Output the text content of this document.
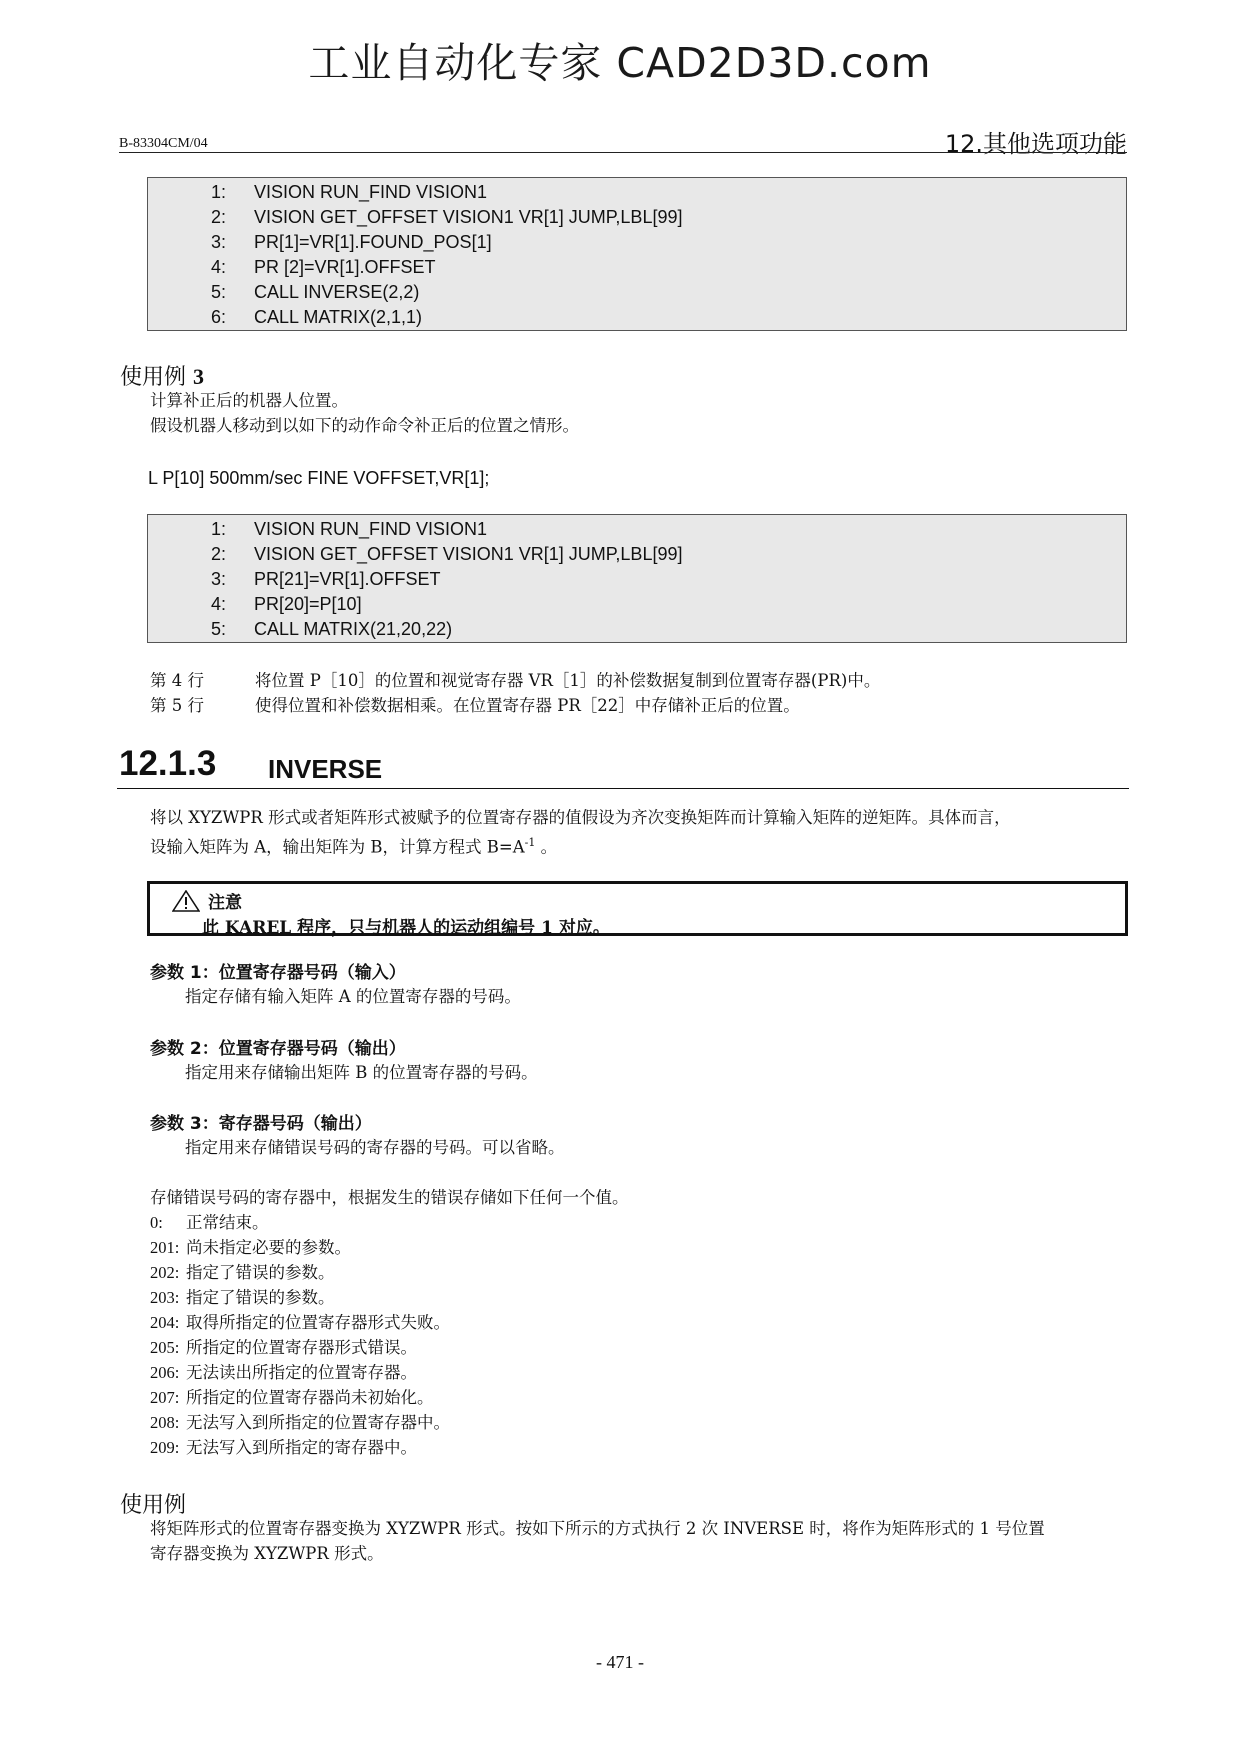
工业自动化专家 CAD2D3D.com
B-83304CM/04	12.其他选项功能
1:	VISION RUN_FIND VISION1
2:	VISION GET_OFFSET VISION1 VR[1] JUMP,LBL[99]
3:	PR[1]=VR[1].FOUND_POS[1]
4:	PR [2]=VR[1].OFFSET
5:	CALL INVERSE(2,2)
6:	CALL MATRIX(2,1,1)
使用例 3
计算补正后的机器人位置。
假设机器人移动到以如下的动作命令补正后的位置之情形。
L P[10] 500mm/sec FINE VOFFSET,VR[1];
1:	VISION RUN_FIND VISION1
2:	VISION GET_OFFSET VISION1 VR[1] JUMP,LBL[99]
3:	PR[21]=VR[1].OFFSET
4:	PR[20]=P[10]
5:	CALL MATRIX(21,20,22)
第 4 行	将位置 P［10］的位置和视觉寄存器 VR［1］的补偿数据复制到位置寄存器(PR)中。
第 5 行	使得位置和补偿数据相乘。在位置寄存器 PR［22］中存储补正后的位置。
12.1.3 INVERSE
将以 XYZWPR 形式或者矩阵形式被赋予的位置寄存器的值假设为齐次变换矩阵而计算输入矩阵的逆矩阵。具体而言，
设输入矩阵为 A，输出矩阵为 B，计算方程式 $B=A^{-1}$ 。
注意
此 KAREL 程序，只与机器人的运动组编号 1 对应。
参数 1：位置寄存器号码（输入）
指定存储有输入矩阵 A 的位置寄存器的号码。
参数 2：位置寄存器号码（输出）
指定用来存储输出矩阵 B 的位置寄存器的号码。
参数 3：寄存器号码（输出）
指定用来存储错误号码的寄存器的号码。可以省略。
存储错误号码的寄存器中，根据发生的错误存储如下任何一个值。
0:	正常结束。
201: 尚未指定必要的参数。
202: 指定了错误的参数。
203: 指定了错误的参数。
204: 取得所指定的位置寄存器形式失败。
205: 所指定的位置寄存器形式错误。
206: 无法读出所指定的位置寄存器。
207: 所指定的位置寄存器尚未初始化。
208: 无法写入到所指定的位置寄存器中。
209: 无法写入到所指定的寄存器中。
使用例
将矩阵形式的位置寄存器变换为 XYZWPR 形式。按如下所示的方式执行 2 次 INVERSE 时，将作为矩阵形式的 1 号位置
寄存器变换为 XYZWPR 形式。
- 471 -
